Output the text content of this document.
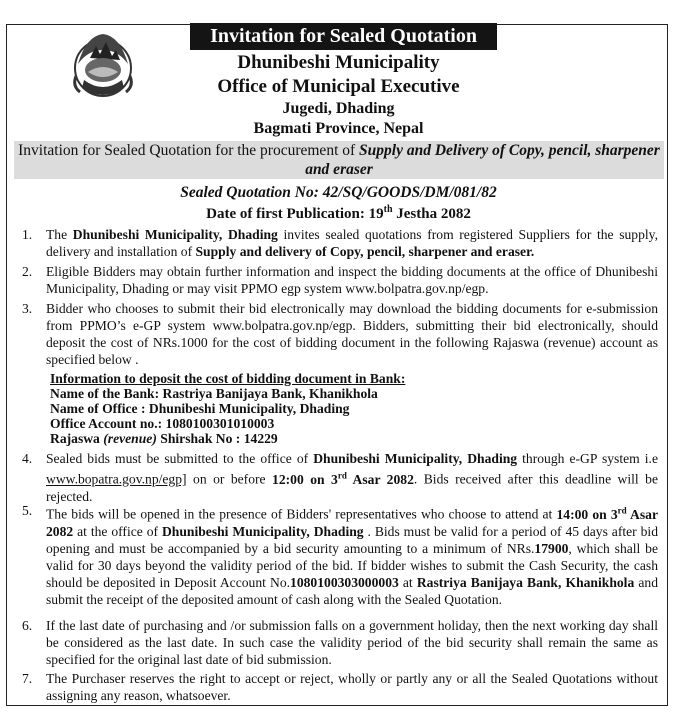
Invitation for Sealed Quotation
Dhunibeshi Municipality
Office of Municipal Executive
Jugedi, Dhading
Bagmati Province, Nepal
Invitation for Sealed Quotation for the procurement of Supply and Delivery of Copy, pencil, sharpener and eraser
Sealed Quotation No: 42/SQ/GOODS/DM/081/82
Date of first Publication: 19th Jestha 2082
1. The Dhunibeshi Municipality, Dhading invites sealed quotations from registered Suppliers for the supply, delivery and installation of Supply and delivery of Copy, pencil, sharpener and eraser.
2. Eligible Bidders may obtain further information and inspect the bidding documents at the office of Dhunibeshi Municipality, Dhading or may visit PPMO egp system www.bolpatra.gov.np/egp.
3. Bidder who chooses to submit their bid electronically may download the bidding documents for e-submission from PPMO’s e-GP system www.bolpatra.gov.np/egp. Bidders, submitting their bid electronically, should deposit the cost of NRs.1000 for the cost of bidding document in the following Rajaswa (revenue) account as specified below .
Information to deposit the cost of bidding document in Bank:
Name of the Bank: Rastriya Banijaya Bank, Khanikhola
Name of Office : Dhunibeshi Municipality, Dhading
Office Account no.: 1080100301010003
Rajaswa (revenue) Shirshak No : 14229
4. Sealed bids must be submitted to the office of Dhunibeshi Municipality, Dhading through e-GP system i.e www.bopatra.gov.np/egp] on or before 12:00 on 3rd Asar 2082. Bids received after this deadline will be rejected.
5. The bids will be opened in the presence of Bidders' representatives who choose to attend at 14:00 on 3rd Asar 2082 at the office of Dhunibeshi Municipality, Dhading . Bids must be valid for a period of 45 days after bid opening and must be accompanied by a bid security amounting to a minimum of NRs.17900, which shall be valid for 30 days beyond the validity period of the bid. If bidder wishes to submit the Cash Security, the cash should be deposited in Deposit Account No.1080100303000003 at Rastriya Banijaya Bank, Khanikhola and submit the receipt of the deposited amount of cash along with the Sealed Quotation.
6. If the last date of purchasing and /or submission falls on a government holiday, then the next working day shall be considered as the last date. In such case the validity period of the bid security shall remain the same as specified for the original last date of bid submission.
7. The Purchaser reserves the right to accept or reject, wholly or partly any or all the Sealed Quotations without assigning any reason, whatsoever.
